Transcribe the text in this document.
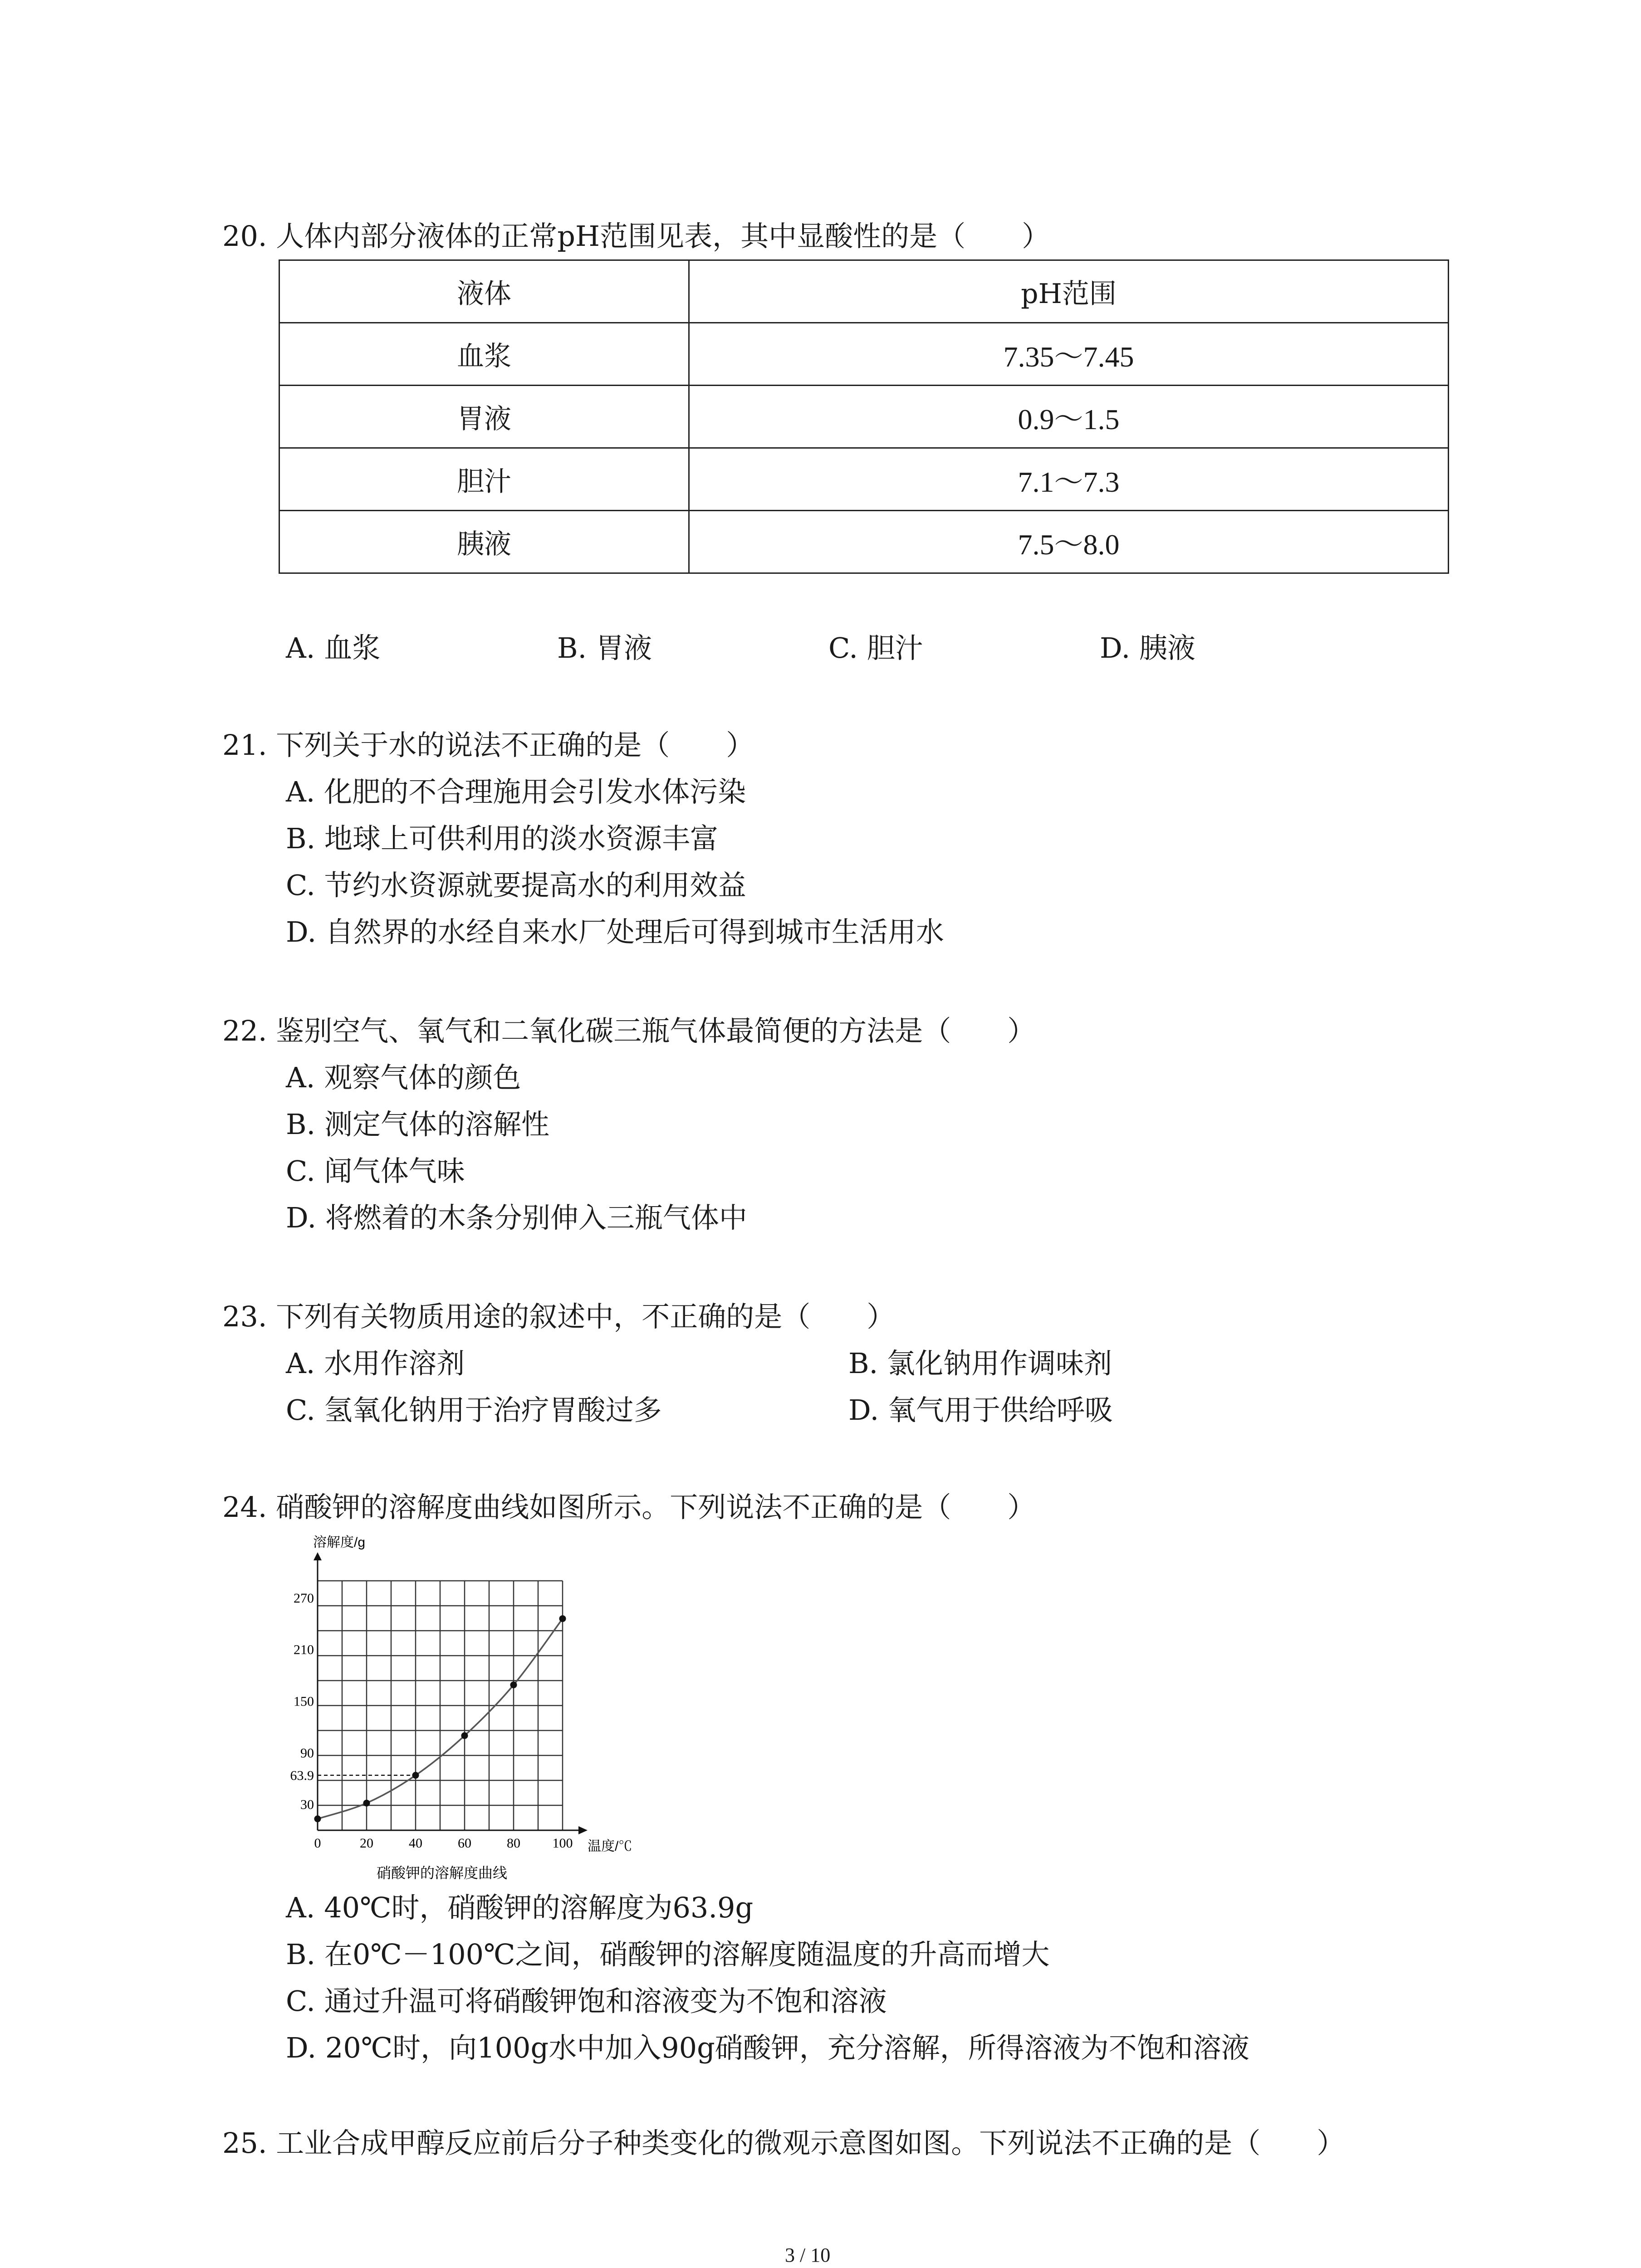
20. 人体内部分液体的正常pH范围见表，其中显酸性的是（　　）
液体	pH范围
血浆	7.35～7.45
胃液	0.9～1.5
胆汁	7.1～7.3
胰液	7.5～8.0
A. 血浆	B. 胃液	C. 胆汁	D. 胰液
21. 下列关于水的说法不正确的是（　　）
A. 化肥的不合理施用会引发水体污染
B. 地球上可供利用的淡水资源丰富
C. 节约水资源就要提高水的利用效益
D. 自然界的水经自来水厂处理后可得到城市生活用水
22. 鉴别空气、氧气和二氧化碳三瓶气体最简便的方法是（　　）
A. 观察气体的颜色
B. 测定气体的溶解性
C. 闻气体气味
D. 将燃着的木条分别伸入三瓶气体中
23. 下列有关物质用途的叙述中，不正确的是（　　）
A. 水用作溶剂	B. 氯化钠用作调味剂
C. 氢氧化钠用于治疗胃酸过多	D. 氧气用于供给呼吸
24. 硝酸钾的溶解度曲线如图所示。下列说法不正确的是（　　）
0	20	40	60	80 100
30
63.9
90
150
210
270
溶解度/g
温度/℃
硝酸钾的溶解度曲线
A. 40℃时，硝酸钾的溶解度为63.9g
B. 在0℃－100℃之间，硝酸钾的溶解度随温度的升高而增大
C. 通过升温可将硝酸钾饱和溶液变为不饱和溶液
D. 20℃时，向100g水中加入90g硝酸钾，充分溶解，所得溶液为不饱和溶液
25. 工业合成甲醇反应前后分子种类变化的微观示意图如图。下列说法不正确的是（　　）
3 / 10
